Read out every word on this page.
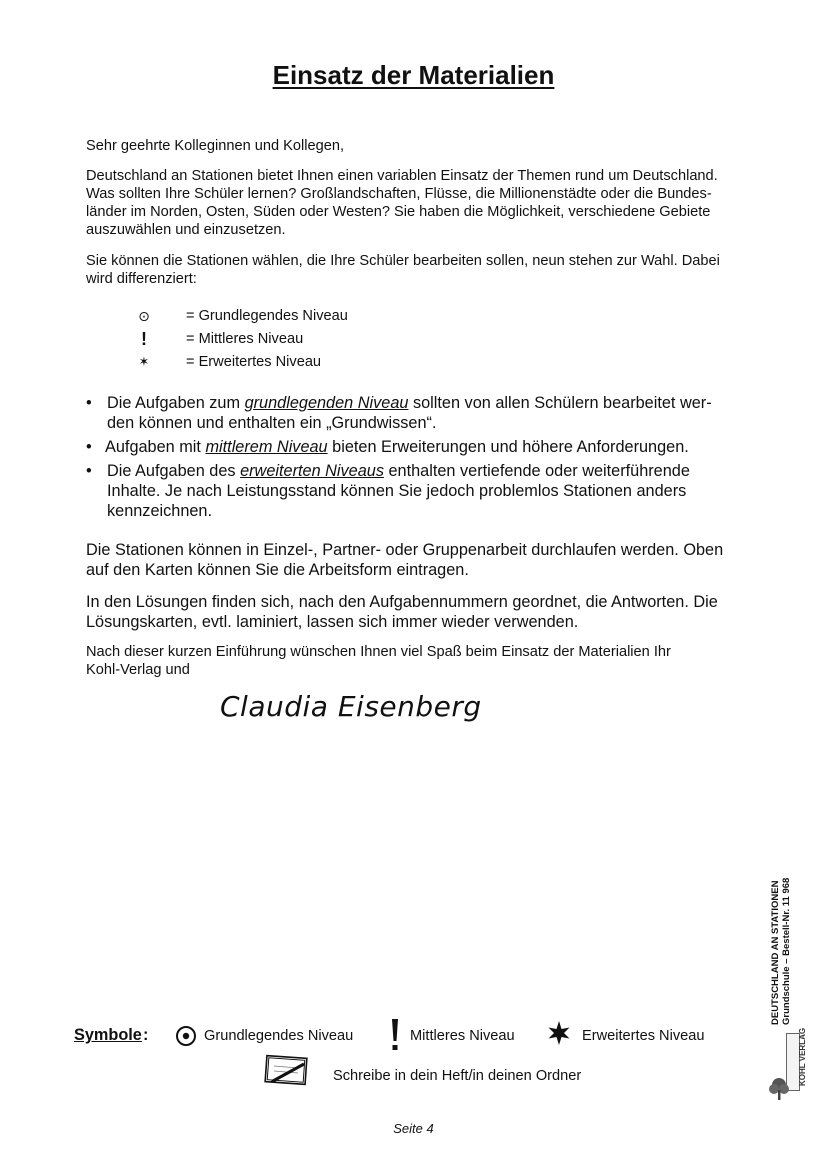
Einsatz der Materialien
Sehr geehrte Kolleginnen und Kollegen,
Deutschland an Stationen bietet Ihnen einen variablen Einsatz der Themen rund um Deutschland.
Was sollten Ihre Schüler lernen? Großlandschaften, Flüsse, die Millionenstädte oder die Bundes-
länder im Norden, Osten, Süden oder Westen? Sie haben die Möglichkeit, verschiedene Gebiete
auszuwählen und einzusetzen.
Sie können die Stationen wählen, die Ihre Schüler bearbeiten sollen, neun stehen zur Wahl. Dabei
wird differenziert:
⊙ = Grundlegendes Niveau
!	= Mittleres Niveau
✶	= Erweitertes Niveau
• Die Aufgaben zum grundlegenden Niveau sollten von allen Schülern bearbeitet wer-
den können und enthalten ein „Grundwissen“.
• Aufgaben mit mittlerem Niveau bieten Erweiterungen und höhere Anforderungen.
• Die Aufgaben des erweiterten Niveaus enthalten vertiefende oder weiterführende
Inhalte. Je nach Leistungsstand können Sie jedoch problemlos Stationen anders
kennzeichnen.
Die Stationen können in Einzel-, Partner- oder Gruppenarbeit durchlaufen werden. Oben
auf den Karten können Sie die Arbeitsform eintragen.
In den Lösungen finden sich, nach den Aufgabennummern geordnet, die Antworten. Die
Lösungskarten, evtl. laminiert, lassen sich immer wieder verwenden.
Nach dieser kurzen Einführung wünschen Ihnen viel Spaß beim Einsatz der Materialien Ihr
Kohl-Verlag und
Claudia Eisenberg
Symbole :	Grundlegendes Niveau	Mittleres Niveau	Erweitertes Niveau
Schreibe in dein Heft/in deinen Ordner
Seite 4
DEUTSCHLAND AN STATIONEN Grundschule – Bestell-Nr. 11 968
KOHL VERLAG
